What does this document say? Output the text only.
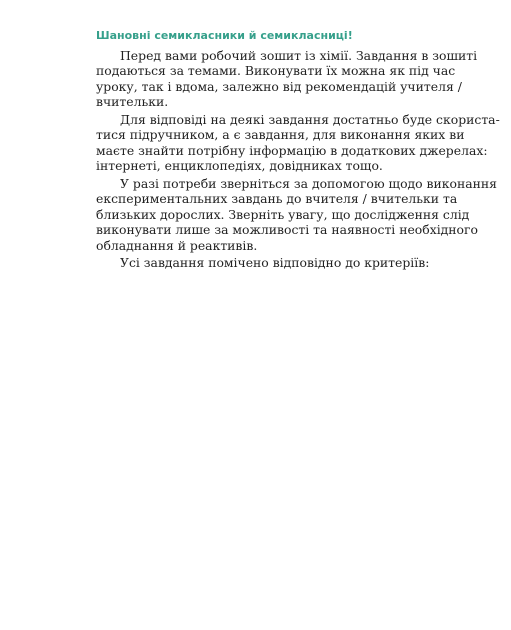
Шановні семикласники й семикласниці!
Перед вами робочий зошит із хімії. Завдання в зошиті
подаються за темами. Виконувати їх можна як під час
уроку, так і вдома, залежно від рекомендацій учителя /
вчительки.
Для відповіді на деякі завдання достатньо буде скориста-
тися підручником, а є завдання, для виконання яких ви
маєте знайти потрібну інформацію в додаткових джерелах:
інтернеті, енциклопедіях, довідниках тощо.
У разі потреби зверніться за допомогою щодо виконання
експериментальних завдань до вчителя / вчительки та
близьких дорослих. Зверніть увагу, що дослідження слід
виконувати лише за можливості та наявності необхідного
обладнання й реактивів.
Усі завдання помічено відповідно до критеріїв:
